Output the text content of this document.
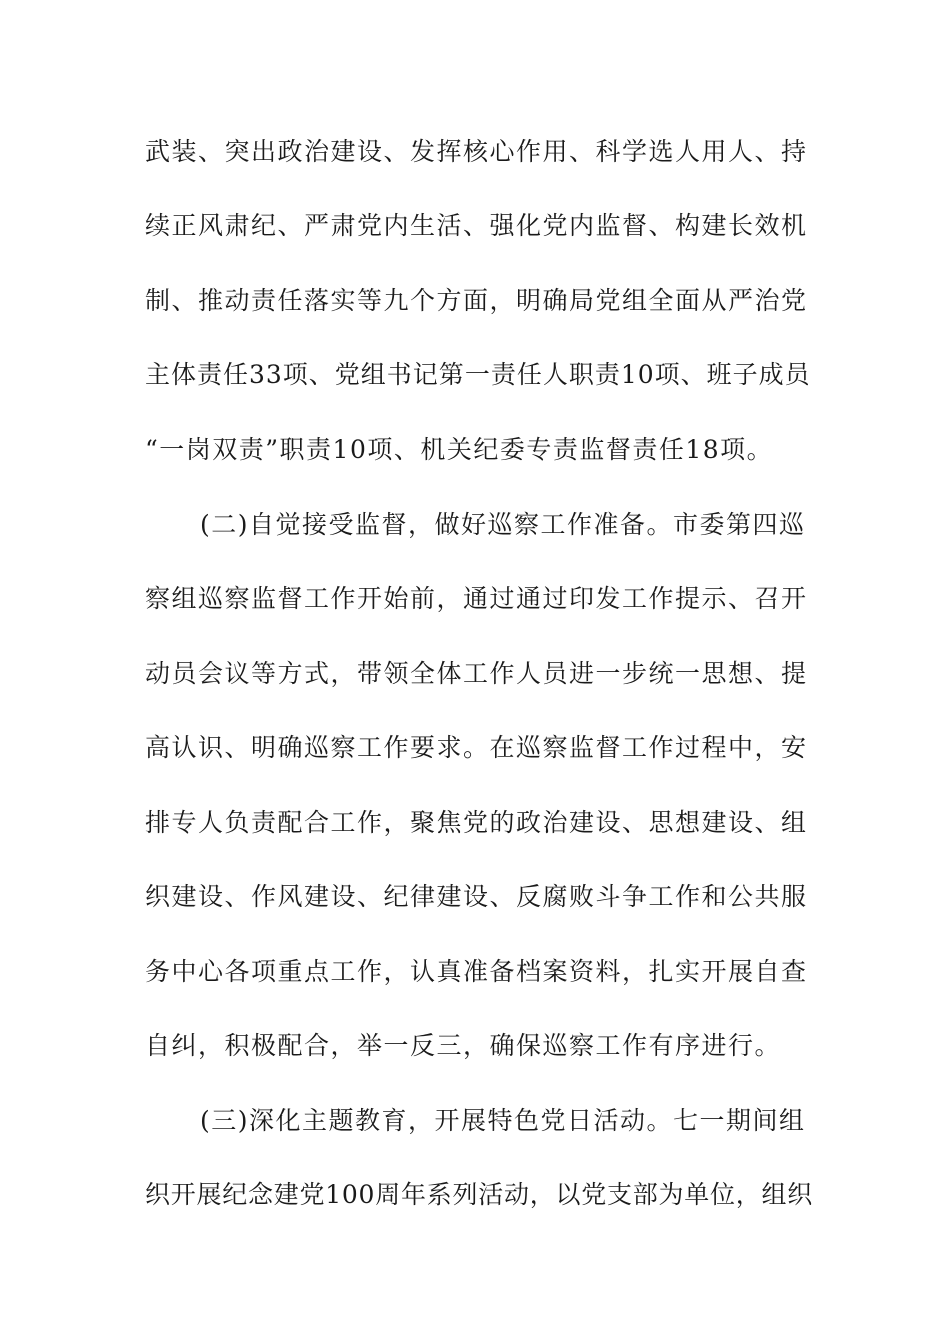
武装、突出政治建设、发挥核心作用、科学选人用人、持
续正风肃纪、严肃党内生活、强化党内监督、构建长效机
制、推动责任落实等九个方面，明确局党组全面从严治党
主体责任33项、党组书记第一责任人职责10项、班子成员
“一岗双责”职责10项、机关纪委专责监督责任18项。
(二)自觉接受监督，做好巡察工作准备。市委第四巡
察组巡察监督工作开始前，通过通过印发工作提示、召开
动员会议等方式，带领全体工作人员进一步统一思想、提
高认识、明确巡察工作要求。在巡察监督工作过程中，安
排专人负责配合工作，聚焦党的政治建设、思想建设、组
织建设、作风建设、纪律建设、反腐败斗争工作和公共服
务中心各项重点工作，认真准备档案资料，扎实开展自查
自纠，积极配合，举一反三，确保巡察工作有序进行。
(三)深化主题教育，开展特色党日活动。七一期间组
织开展纪念建党100周年系列活动，以党支部为单位，组织
